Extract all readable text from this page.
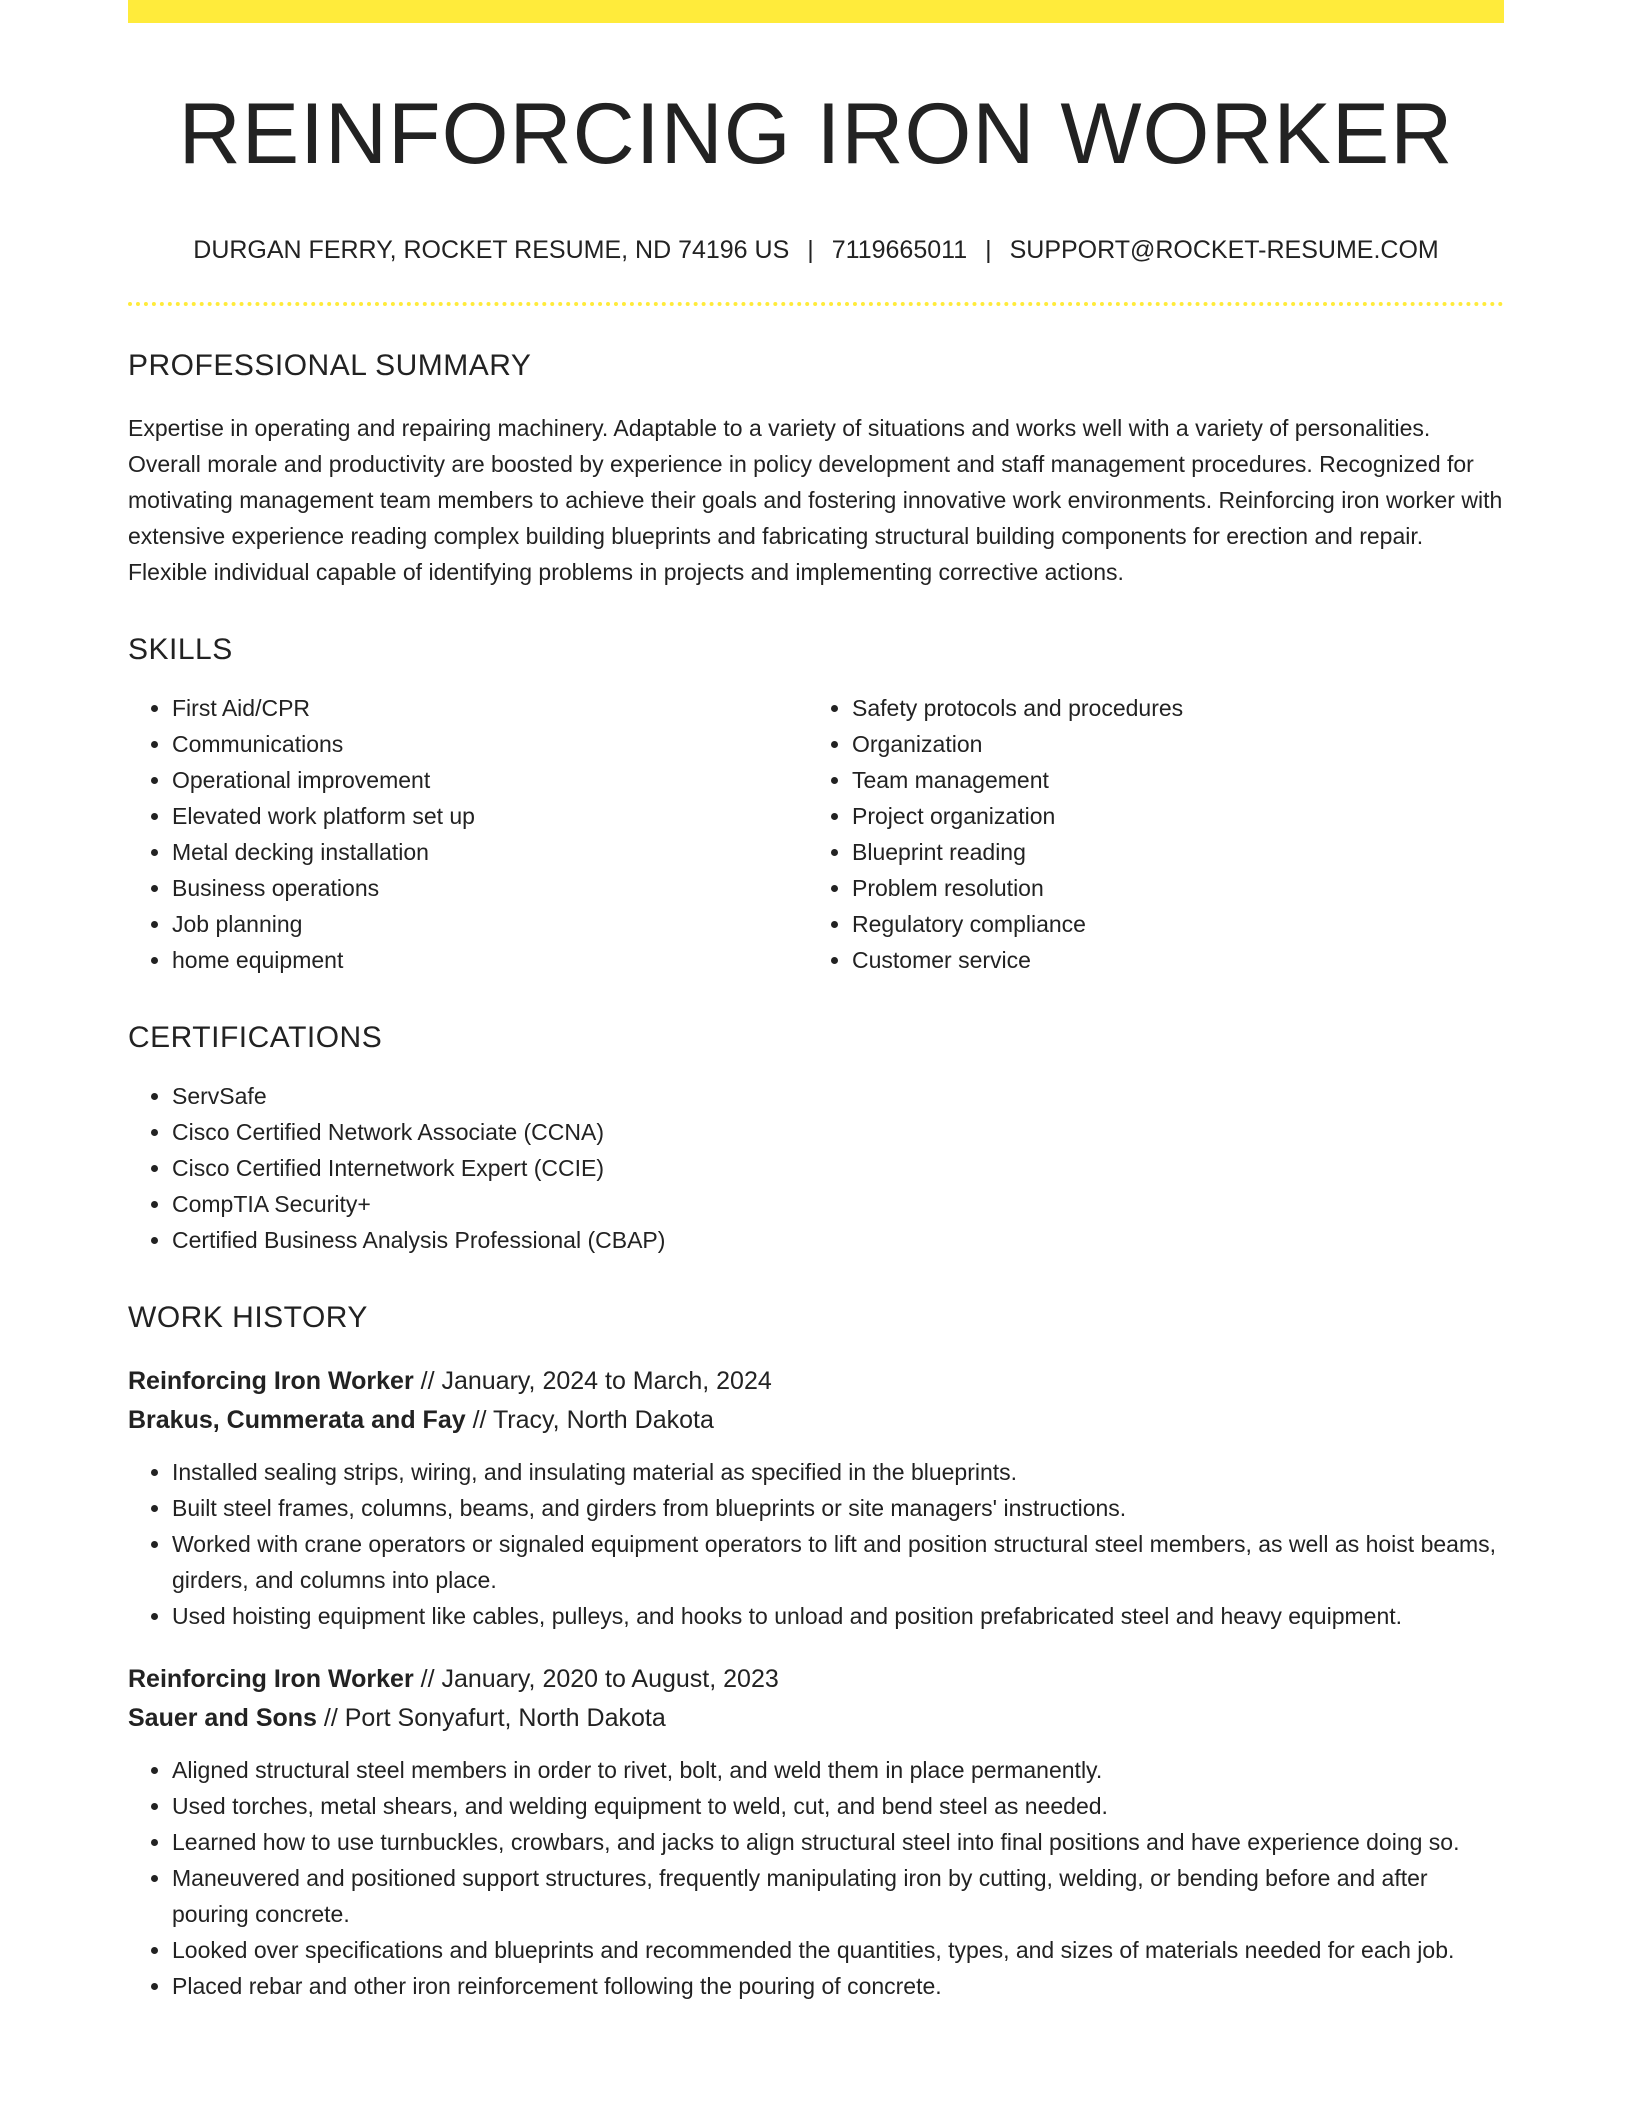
REINFORCING IRON WORKER
DURGAN FERRY, ROCKET RESUME, ND 74196 US | 7119665011 | SUPPORT@ROCKET-RESUME.COM
PROFESSIONAL SUMMARY

Expertise in operating and repairing machinery. Adaptable to a variety of situations and works well with a variety of personalities. Overall morale and productivity are boosted by experience in policy development and staff management procedures. Recognized for motivating management team members to achieve their goals and fostering innovative work environments. Reinforcing iron worker with extensive experience reading complex building blueprints and fabricating structural building components for erection and repair. Flexible individual capable of identifying problems in projects and implementing corrective actions.

SKILLS
• First Aid/CPR
• Communications
• Operational improvement
• Elevated work platform set up
• Metal decking installation
• Business operations
• Job planning
• home equipment
• Safety protocols and procedures
• Organization
• Team management
• Project organization
• Blueprint reading
• Problem resolution
• Regulatory compliance
• Customer service
CERTIFICATIONS
• ServSafe
• Cisco Certified Network Associate (CCNA)
• Cisco Certified Internetwork Expert (CCIE)
• CompTIA Security+
• Certified Business Analysis Professional (CBAP)
WORK HISTORY
Reinforcing Iron Worker // January, 2024 to March, 2024
Brakus, Cummerata and Fay // Tracy, North Dakota
• Installed sealing strips, wiring, and insulating material as specified in the blueprints.
• Built steel frames, columns, beams, and girders from blueprints or site managers' instructions.
• Worked with crane operators or signaled equipment operators to lift and position structural steel members, as well as hoist beams, girders, and columns into place.
• Used hoisting equipment like cables, pulleys, and hooks to unload and position prefabricated steel and heavy equipment.
Reinforcing Iron Worker // January, 2020 to August, 2023
Sauer and Sons // Port Sonyafurt, North Dakota
• Aligned structural steel members in order to rivet, bolt, and weld them in place permanently.
• Used torches, metal shears, and welding equipment to weld, cut, and bend steel as needed.
• Learned how to use turnbuckles, crowbars, and jacks to align structural steel into final positions and have experience doing so.
• Maneuvered and positioned support structures, frequently manipulating iron by cutting, welding, or bending before and after pouring concrete.
• Looked over specifications and blueprints and recommended the quantities, types, and sizes of materials needed for each job.
• Placed rebar and other iron reinforcement following the pouring of concrete.
